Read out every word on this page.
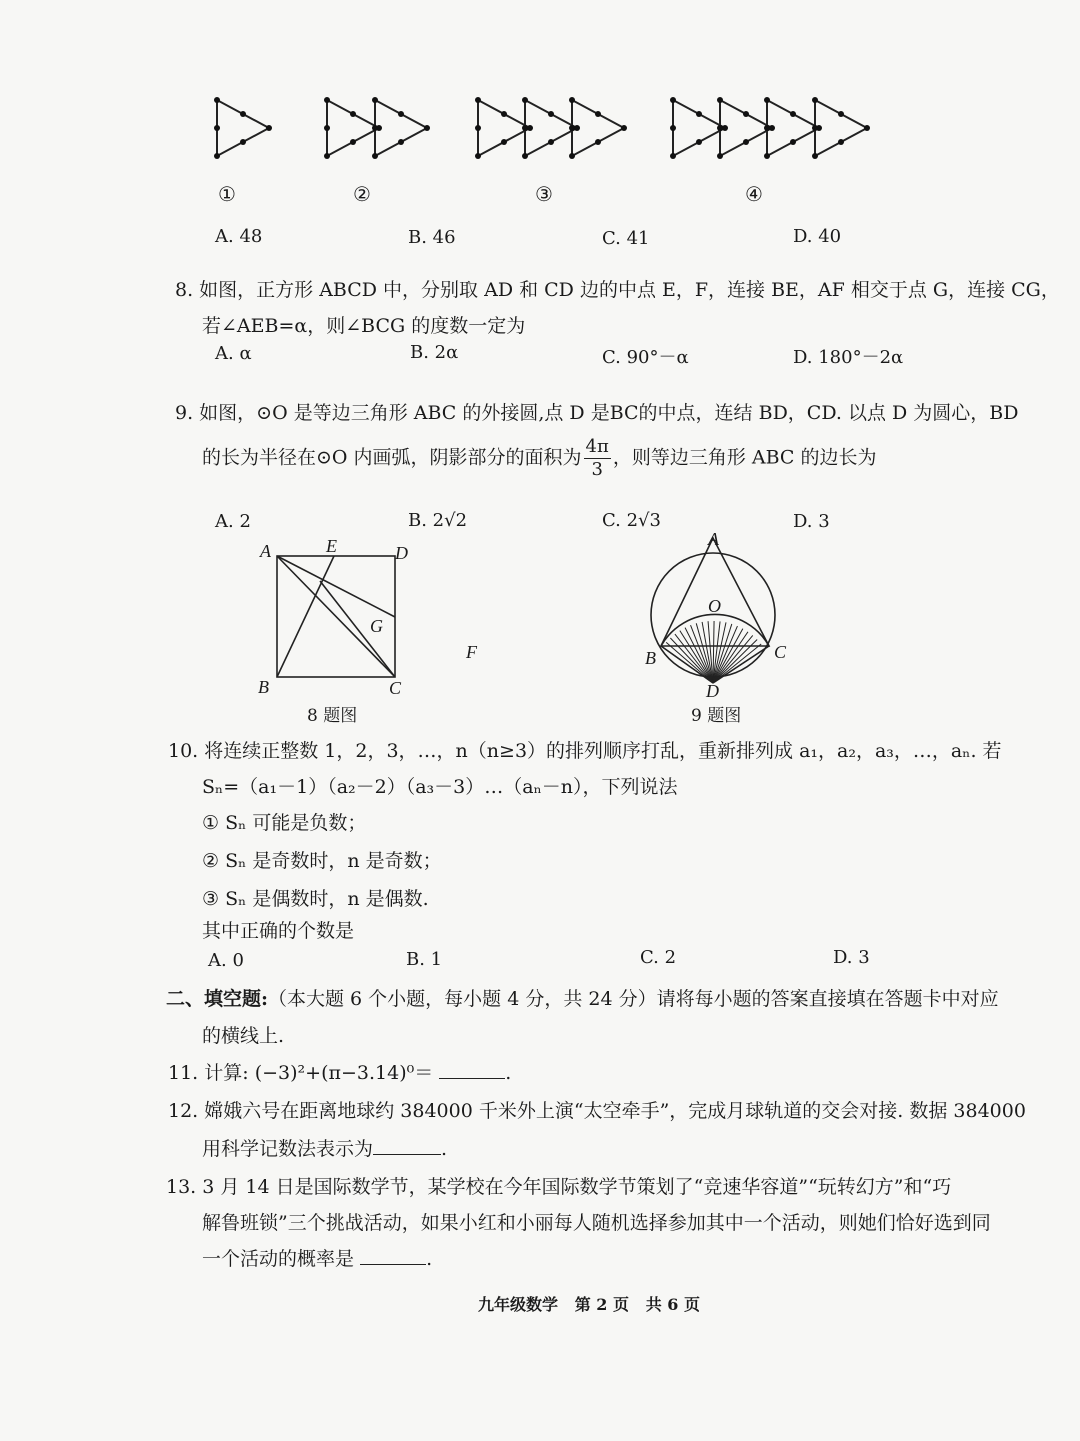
①	②	③	④
A. 48	B. 46	C. 41	D. 40
8. 如图，正方形 ABCD 中，分别取 AD 和 CD 边的中点 E，F，连接 BE，AF 相交于点 G，连接 CG，
若∠AEB=α，则∠BCG 的度数一定为
A. α	B. 2α	C. 90°－α	D. 180°－2α
9. 如图，⊙O 是等边三角形 ABC 的外接圆,点 D 是BC的中点，连结 BD，CD. 以点 D 为圆心，BD
的长为半径在⊙O 内画弧，阴影部分的面积为 $\frac{4\pi}{3}$ ，则等边三角形 ABC 的边长为
A. 2	B. 2√2	C. 2√3	D. 3
A	E	D
G
F
B	C
8 题图
A
O
B	C
D
9 题图
10. 将连续正整数 1，2，3，…，n（n≥3）的排列顺序打乱，重新排列成 a₁，a₂，a₃，…，aₙ. 若
Sₙ=（a₁－1）（a₂－2）（a₃－3）…（aₙ－n），下列说法
① Sₙ 可能是负数；
② Sₙ 是奇数时，n 是奇数；
③ Sₙ 是偶数时，n 是偶数.
其中正确的个数是
A. 0	B. 1	C. 2	D. 3
二、填空题:（本大题 6 个小题，每小题 4 分，共 24 分）请将每小题的答案直接填在答题卡中对应
的横线上.
11. 计算: (−3)²+(π−3.14)⁰＝	.
12. 嫦娥六号在距离地球约 384000 千米外上演“太空牵手”，完成月球轨道的交会对接. 数据 384000
用科学记数法表示为	.
13. 3 月 14 日是国际数学节，某学校在今年国际数学节策划了“竞速华容道”“玩转幻方”和“巧
解鲁班锁”三个挑战活动，如果小红和小丽每人随机选择参加其中一个活动，则她们恰好选到同
一个活动的概率是	.
九年级数学   第 2 页   共 6 页
